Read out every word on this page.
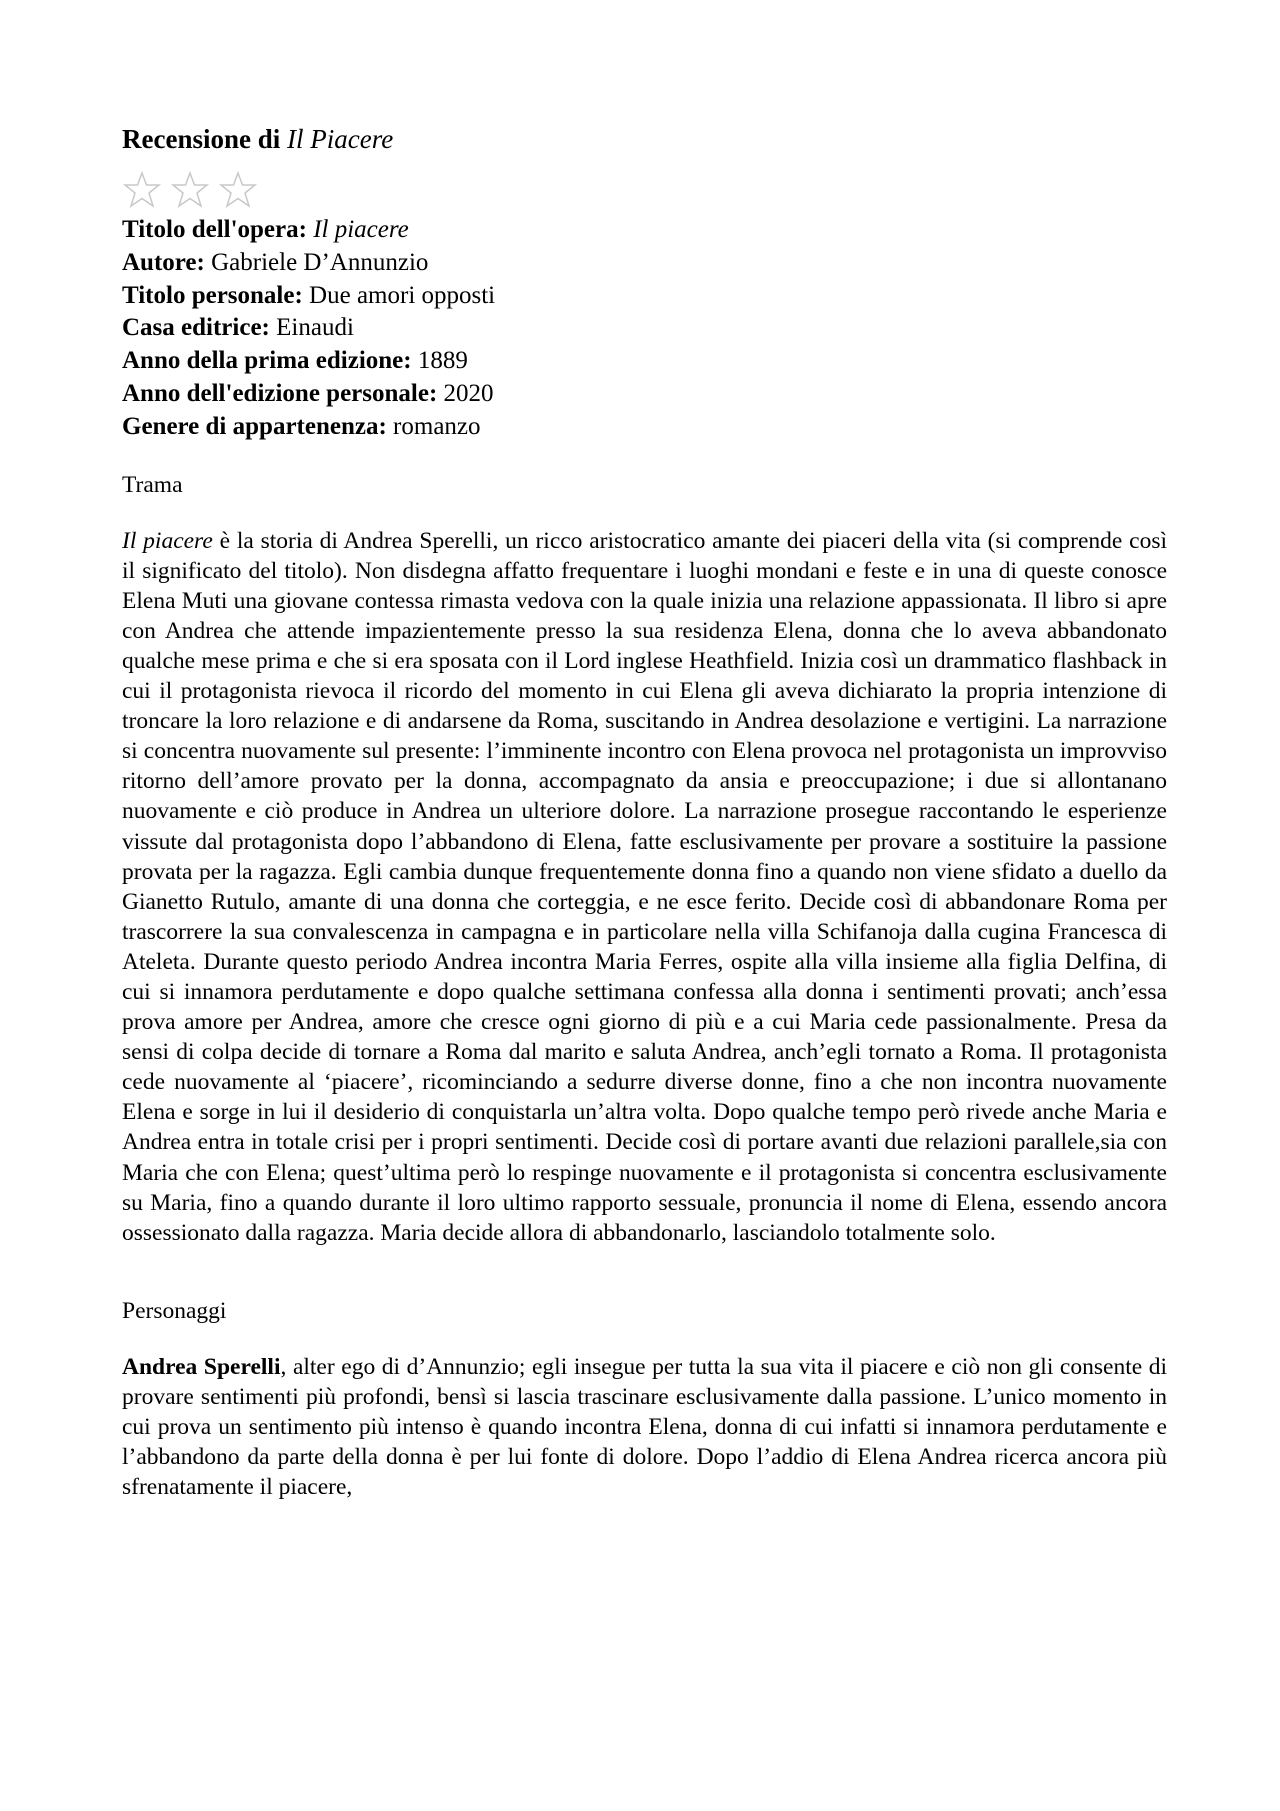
Recensione di Il Piacere
Titolo dell'opera: Il piacere
Autore: Gabriele D’Annunzio
Titolo personale: Due amori opposti
Casa editrice: Einaudi
Anno della prima edizione: 1889
Anno dell'edizione personale: 2020
Genere di appartenenza: romanzo
Trama

Il piacere è la storia di Andrea Sperelli, un ricco aristocratico amante dei piaceri della vita (si comprende così il significato del titolo). Non disdegna affatto frequentare i luoghi mondani e feste e in una di queste conosce Elena Muti una giovane contessa rimasta vedova con la quale inizia una relazione appassionata. Il libro si apre con Andrea che attende impazientemente presso la sua residenza Elena, donna che lo aveva abbandonato qualche mese prima e che si era sposata con il Lord inglese Heathfield. Inizia così un drammatico flashback in cui il protagonista rievoca il ricordo del momento in cui Elena gli aveva dichiarato la propria intenzione di troncare la loro relazione e di andarsene da Roma, suscitando in Andrea desolazione e vertigini. La narrazione si concentra nuovamente sul presente: l’imminente incontro con Elena provoca nel protagonista un improvviso ritorno dell’amore provato per la donna, accompagnato da ansia e preoccupazione; i due si allontanano nuovamente e ciò produce in Andrea un ulteriore dolore. La narrazione prosegue raccontando le esperienze vissute dal protagonista dopo l’abbandono di Elena, fatte esclusivamente per provare a sostituire la passione provata per la ragazza. Egli cambia dunque frequentemente donna fino a quando non viene sfidato a duello da Gianetto Rutulo, amante di una donna che corteggia, e ne esce ferito. Decide così di abbandonare Roma per trascorrere la sua convalescenza in campagna e in particolare nella villa Schifanoja dalla cugina Francesca di Ateleta. Durante questo periodo Andrea incontra Maria Ferres, ospite alla villa insieme alla figlia Delfina, di cui si innamora perdutamente e dopo qualche settimana confessa alla donna i sentimenti provati; anch’essa prova amore per Andrea, amore che cresce ogni giorno di più e a cui Maria cede passionalmente. Presa da sensi di colpa decide di tornare a Roma dal marito e saluta Andrea, anch’egli tornato a Roma. Il protagonista cede nuovamente al ‘piacere’, ricominciando a sedurre diverse donne, fino a che non incontra nuovamente Elena e sorge in lui il desiderio di conquistarla un’altra volta. Dopo qualche tempo però rivede anche Maria e Andrea entra in totale crisi per i propri sentimenti. Decide così di portare avanti due relazioni parallele,sia con Maria che con Elena; quest’ultima però lo respinge nuovamente e il protagonista si concentra esclusivamente su Maria, fino a quando durante il loro ultimo rapporto sessuale, pronuncia il nome di Elena, essendo ancora ossessionato dalla ragazza. Maria decide allora di abbandonarlo, lasciandolo totalmente solo.

Personaggi

Andrea Sperelli, alter ego di d’Annunzio; egli insegue per tutta la sua vita il piacere e ciò non gli consente di provare sentimenti più profondi, bensì si lascia trascinare esclusivamente dalla passione. L’unico momento in cui prova un sentimento più intenso è quando incontra Elena, donna di cui infatti si innamora perdutamente e l’abbandono da parte della donna è per lui fonte di dolore. Dopo l’addio di Elena Andrea ricerca ancora più sfrenatamente il piacere,
